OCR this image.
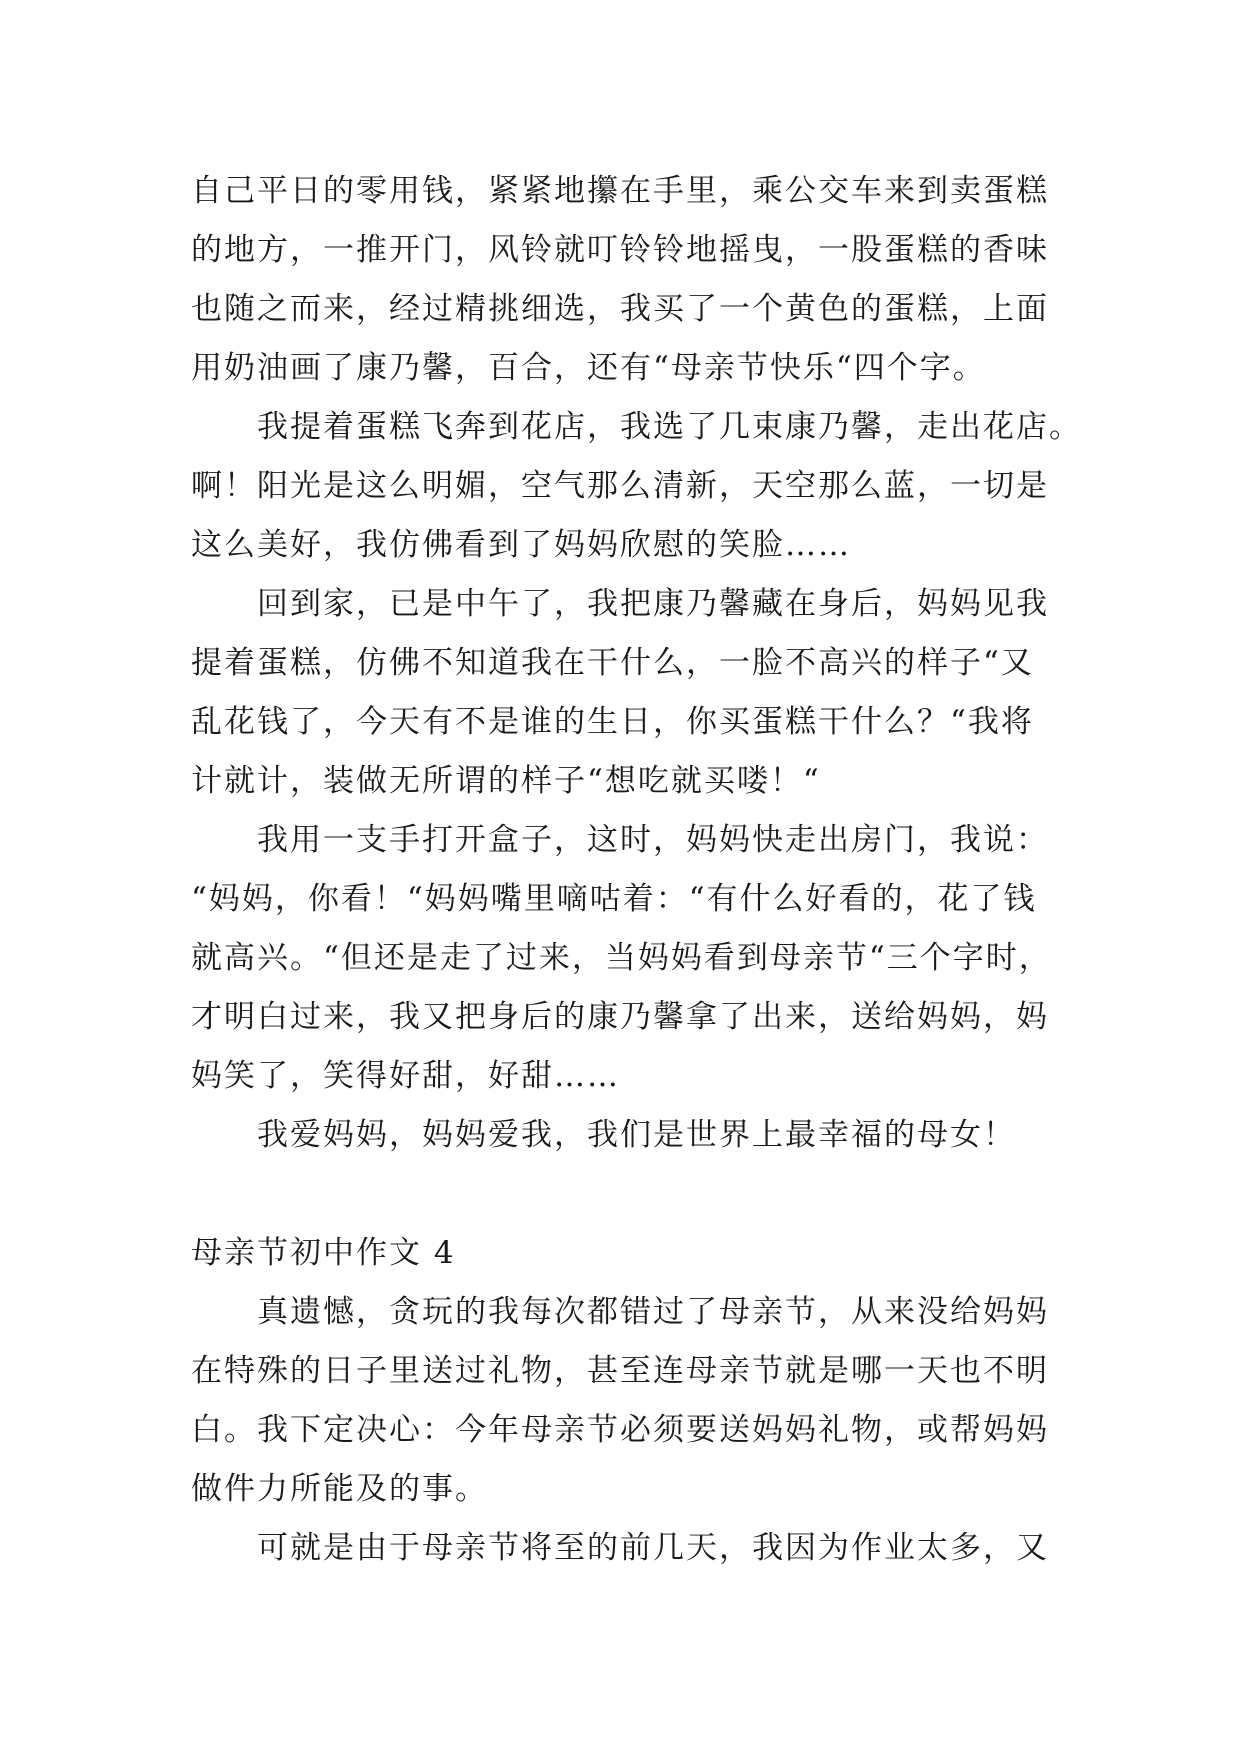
自己平日的零用钱，紧紧地攥在手里，乘公交车来到卖蛋糕
的地方，一推开门，风铃就叮铃铃地摇曳，一股蛋糕的香味
也随之而来，经过精挑细选，我买了一个黄色的蛋糕，上面
用奶油画了康乃馨，百合，还有“母亲节快乐“四个字。
我提着蛋糕飞奔到花店，我选了几束康乃馨，走出花店。
啊！阳光是这么明媚，空气那么清新，天空那么蓝，一切是
这么美好，我仿佛看到了妈妈欣慰的笑脸……
回到家，已是中午了，我把康乃馨藏在身后，妈妈见我
提着蛋糕，仿佛不知道我在干什么，一脸不高兴的样子“又
乱花钱了，今天有不是谁的生日，你买蛋糕干什么？“我将
计就计，装做无所谓的样子“想吃就买喽！“
我用一支手打开盒子，这时，妈妈快走出房门，我说：
“妈妈，你看！“妈妈嘴里嘀咕着：“有什么好看的，花了钱
就高兴。“但还是走了过来，当妈妈看到母亲节“三个字时，
才明白过来，我又把身后的康乃馨拿了出来，送给妈妈，妈
妈笑了，笑得好甜，好甜……
我爱妈妈，妈妈爱我，我们是世界上最幸福的母女！
母亲节初中作文 4
真遗憾，贪玩的我每次都错过了母亲节，从来没给妈妈
在特殊的日子里送过礼物，甚至连母亲节就是哪一天也不明
白。我下定决心：今年母亲节必须要送妈妈礼物，或帮妈妈
做件力所能及的事。
可就是由于母亲节将至的前几天，我因为作业太多，又
